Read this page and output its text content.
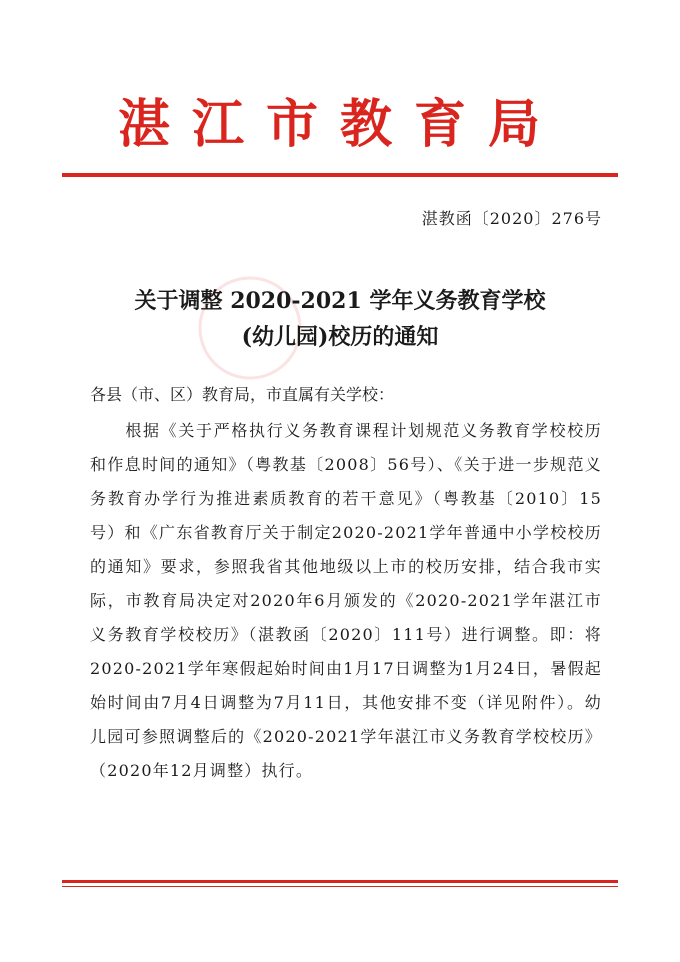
湛江市教育局
湛教函〔2020〕276号
关于调整 2020-2021 学年义务教育学校
(幼儿园)校历的通知
各县（市、区）教育局，市直属有关学校：

　　根据《关于严格执行义务教育课程计划规范义务教育学校校历和作息时间的通知》（粤教基〔2008〕56号）、《关于进一步规范义务教育办学行为推进素质教育的若干意见》（粤教基〔2010〕15号）和《广东省教育厅关于制定2020-2021学年普通中小学校校历的通知》要求，参照我省其他地级以上市的校历安排，结合我市实际，市教育局决定对2020年6月颁发的《2020-2021学年湛江市义务教育学校校历》（湛教函〔2020〕111号）进行调整。即：将2020-2021学年寒假起始时间由1月17日调整为1月24日，暑假起始时间由7月4日调整为7月11日，其他安排不变（详见附件）。幼儿园可参照调整后的《2020-2021学年湛江市义务教育学校校历》（2020年12月调整）执行。
